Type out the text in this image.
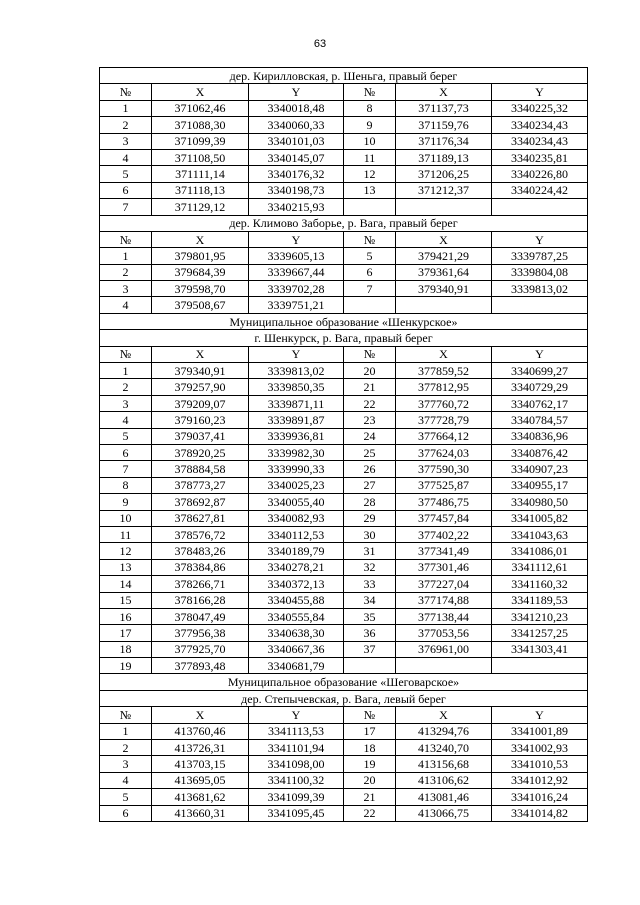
63
дер. Кирилловская, р. Шеньга, правый берег					
№	X	Y	№	X	Y
1	371062,46	3340018,48	8	371137,73	3340225,32
2	371088,30	3340060,33	9	371159,76	3340234,43
3	371099,39	3340101,03	10	371176,34	3340234,43
4	371108,50	3340145,07	11	371189,13	3340235,81
5	371111,14	3340176,32	12	371206,25	3340226,80
6	371118,13	3340198,73	13	371212,37	3340224,42
7	371129,12	3340215,93			
дер. Климово Заборье, р. Вага, правый берег					
№	X	Y	№	X	Y
1	379801,95	3339605,13	5	379421,29	3339787,25
2	379684,39	3339667,44	6	379361,64	3339804,08
3	379598,70	3339702,28	7	379340,91	3339813,02
4	379508,67	3339751,21			
Муниципальное образование «Шенкурское»					
г. Шенкурск, р. Вага, правый берег					
№	X	Y	№	X	Y
1	379340,91	3339813,02	20	377859,52	3340699,27
2	379257,90	3339850,35	21	377812,95	3340729,29
3	379209,07	3339871,11	22	377760,72	3340762,17
4	379160,23	3339891,87	23	377728,79	3340784,57
5	379037,41	3339936,81	24	377664,12	3340836,96
6	378920,25	3339982,30	25	377624,03	3340876,42
7	378884,58	3339990,33	26	377590,30	3340907,23
8	378773,27	3340025,23	27	377525,87	3340955,17
9	378692,87	3340055,40	28	377486,75	3340980,50
10	378627,81	3340082,93	29	377457,84	3341005,82
11	378576,72	3340112,53	30	377402,22	3341043,63
12	378483,26	3340189,79	31	377341,49	3341086,01
13	378384,86	3340278,21	32	377301,46	3341112,61
14	378266,71	3340372,13	33	377227,04	3341160,32
15	378166,28	3340455,88	34	377174,88	3341189,53
16	378047,49	3340555,84	35	377138,44	3341210,23
17	377956,38	3340638,30	36	377053,56	3341257,25
18	377925,70	3340667,36	37	376961,00	3341303,41
19	377893,48	3340681,79			
Муниципальное образование «Шеговарское»					
дер. Степычевская, р. Вага, левый берег					
№	X	Y	№	X	Y
1	413760,46	3341113,53	17	413294,76	3341001,89
2	413726,31	3341101,94	18	413240,70	3341002,93
3	413703,15	3341098,00	19	413156,68	3341010,53
4	413695,05	3341100,32	20	413106,62	3341012,92
5	413681,62	3341099,39	21	413081,46	3341016,24
6	413660,31	3341095,45	22	413066,75	3341014,82
